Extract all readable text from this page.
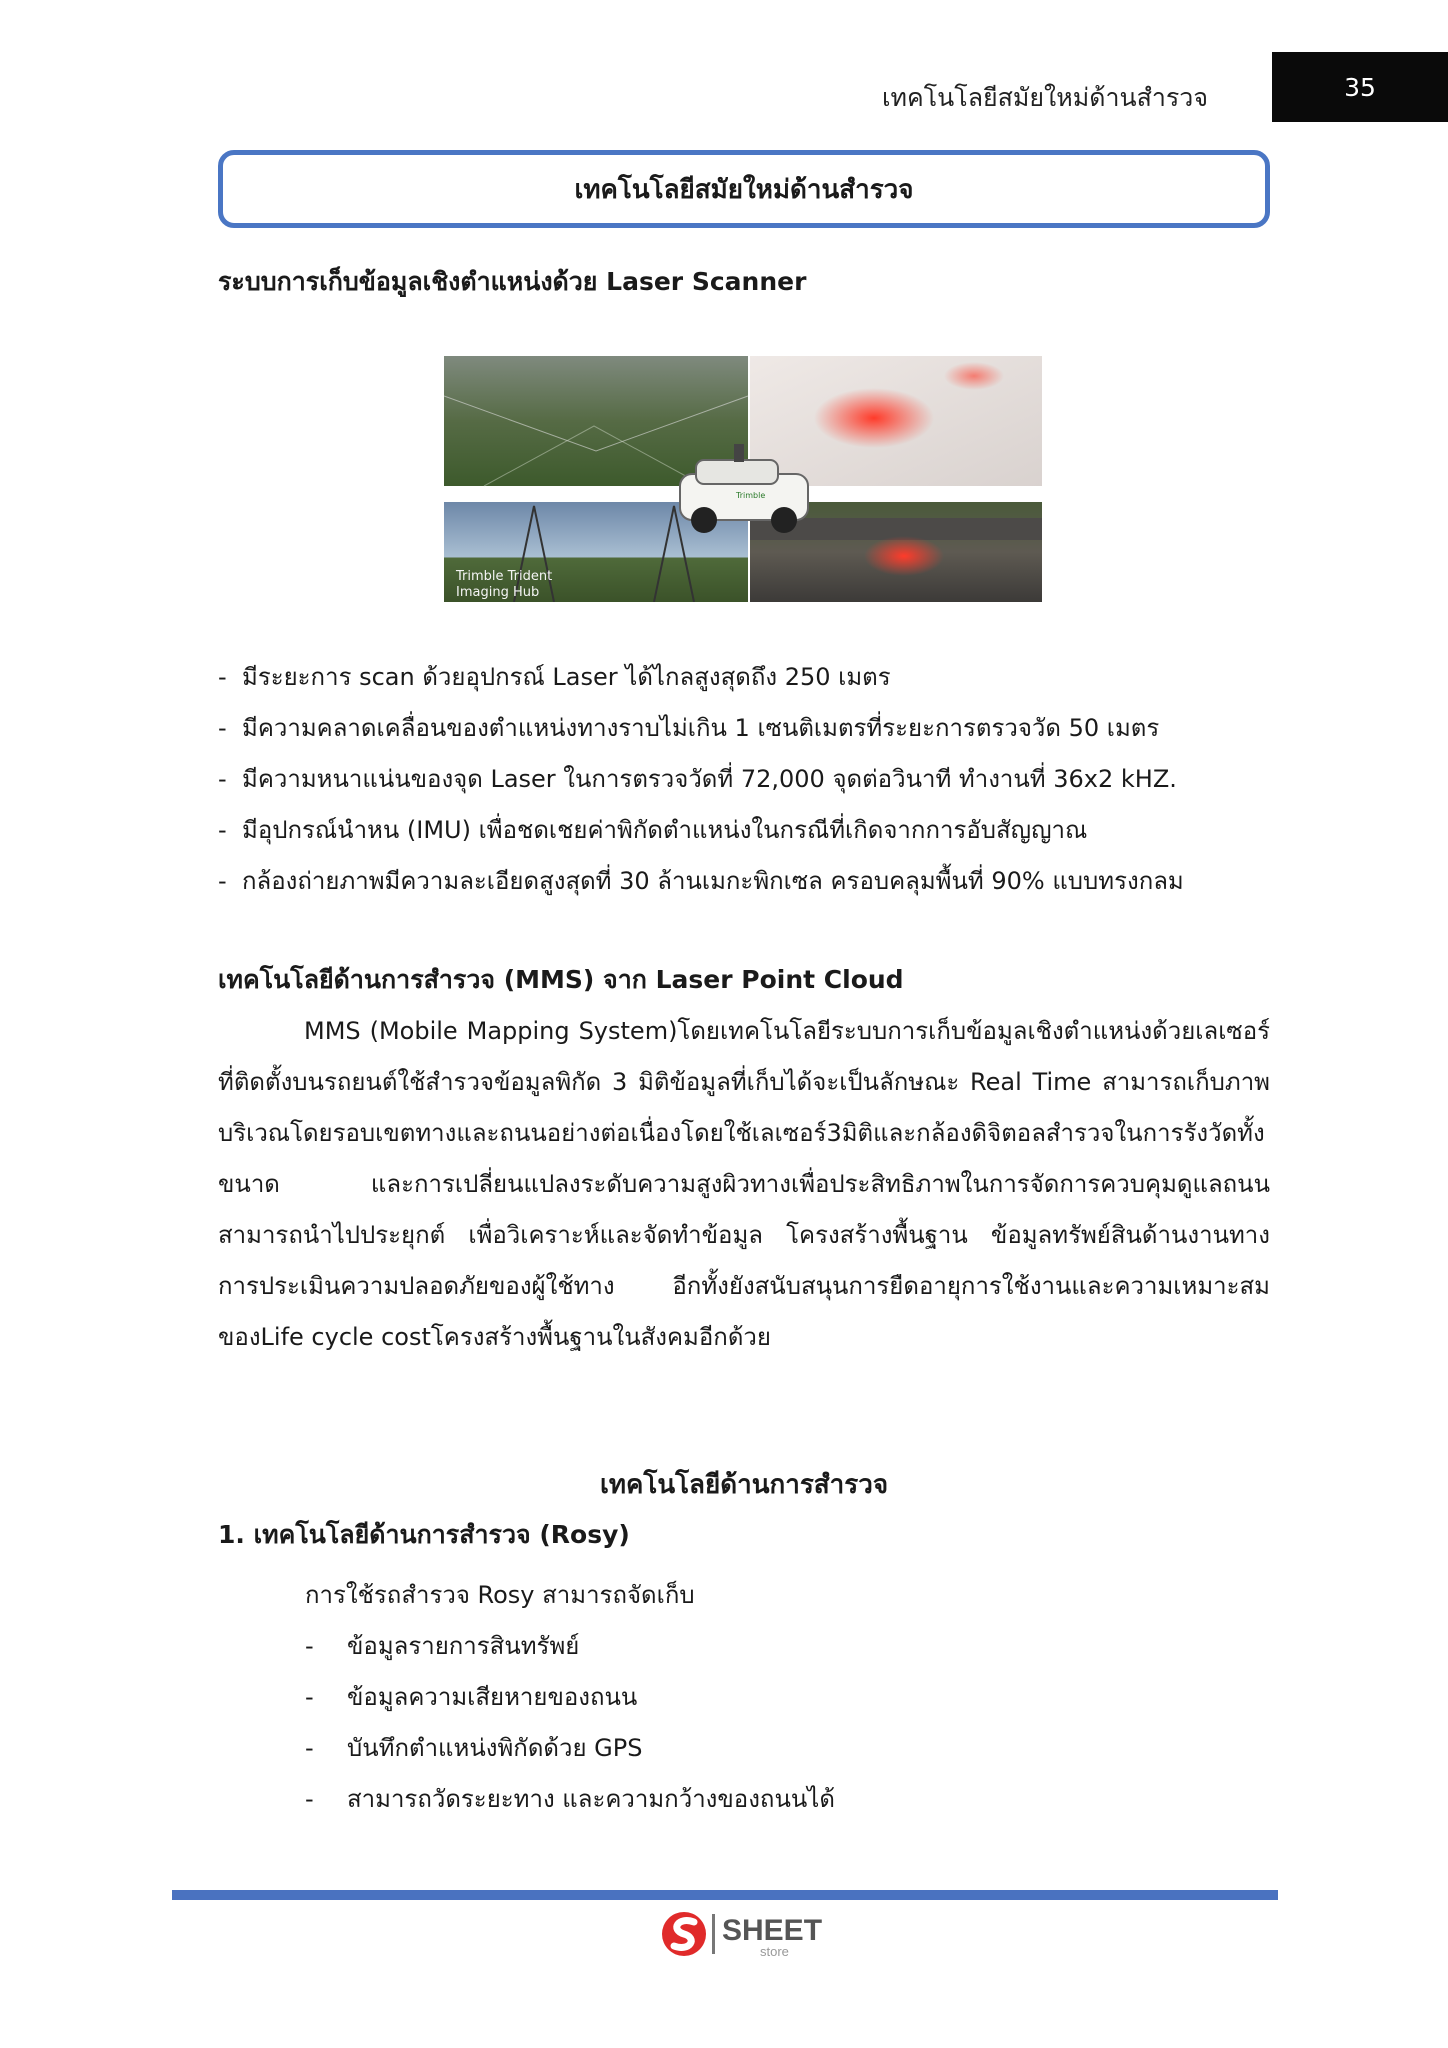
เทคโนโลยีสมัยใหม่ด้านสำรวจ	35
เทคโนโลยีสมัยใหม่ด้านสำรวจ
ระบบการเก็บข้อมูลเชิงตำแหน่งด้วย Laser Scanner
Trimble
Trimble Trident
Imaging Hub
- มีระยะการ scan ด้วยอุปกรณ์ Laser ได้ไกลสูงสุดถึง 250 เมตร
- มีความคลาดเคลื่อนของตำแหน่งทางราบไม่เกิน 1 เซนติเมตรที่ระยะการตรวจวัด 50 เมตร
- มีความหนาแน่นของจุด Laser ในการตรวจวัดที่ 72,000 จุดต่อวินาที ทำงานที่ 36x2 kHZ.
- มีอุปกรณ์นำหน (IMU) เพื่อชดเชยค่าพิกัดตำแหน่งในกรณีที่เกิดจากการอับสัญญาณ
- กล้องถ่ายภาพมีความละเอียดสูงสุดที่ 30 ล้านเมกะพิกเซล ครอบคลุมพื้นที่ 90% แบบทรงกลม
เทคโนโลยีด้านการสำรวจ (MMS) จาก Laser Point Cloud
MMS (Mobile Mapping System)โดยเทคโนโลยีระบบการเก็บข้อมูลเชิงตำแหน่งด้วยเลเซอร์ที่ติดตั้งบนรถยนต์ใช้สำรวจข้อมูลพิกัด 3 มิติข้อมูลที่เก็บได้จะเป็นลักษณะ Real Time สามารถเก็บภาพบริเวณโดยรอบเขตทางและถนนอย่างต่อเนื่องโดยใช้เลเซอร์3มิติและกล้องดิจิตอลสำรวจในการรังวัดทั้งขนาด และการเปลี่ยนแปลงระดับความสูงผิวทางเพื่อประสิทธิภาพในการจัดการควบคุมดูแลถนน สามารถนำไปประยุกต์ เพื่อวิเคราะห์และจัดทำข้อมูล โครงสร้างพื้นฐาน ข้อมูลทรัพย์สินด้านงานทาง การประเมินความปลอดภัยของผู้ใช้ทาง อีกทั้งยังสนับสนุนการยืดอายุการใช้งานและความเหมาะสมของLife cycle costโครงสร้างพื้นฐานในสังคมอีกด้วย
เทคโนโลยีด้านการสำรวจ
1. เทคโนโลยีด้านการสำรวจ (Rosy)
การใช้รถสำรวจ Rosy สามารถจัดเก็บ
- ข้อมูลรายการสินทรัพย์
- ข้อมูลความเสียหายของถนน
- บันทึกตำแหน่งพิกัดด้วย GPS
- สามารถวัดระยะทาง และความกว้างของถนนได้
SHEET
store
